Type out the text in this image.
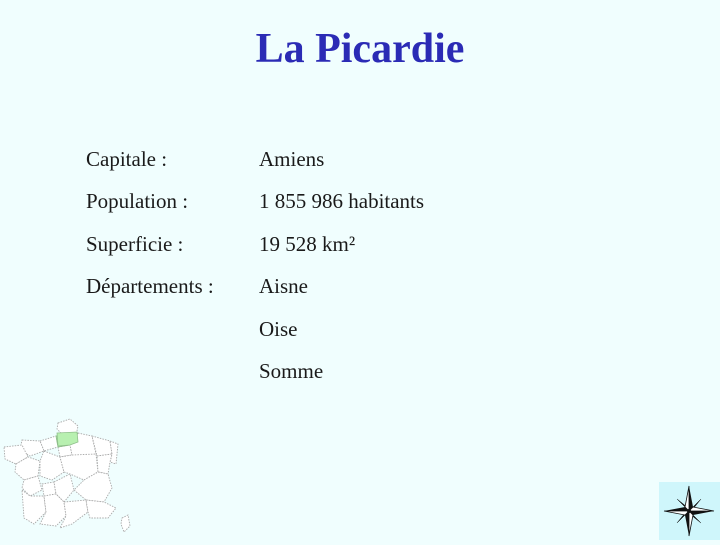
La Picardie
Capitale :	Amiens
Population :	1 855 986 habitants
Superficie :	19 528 km²
Départements :	Aisne
Oise
Somme
